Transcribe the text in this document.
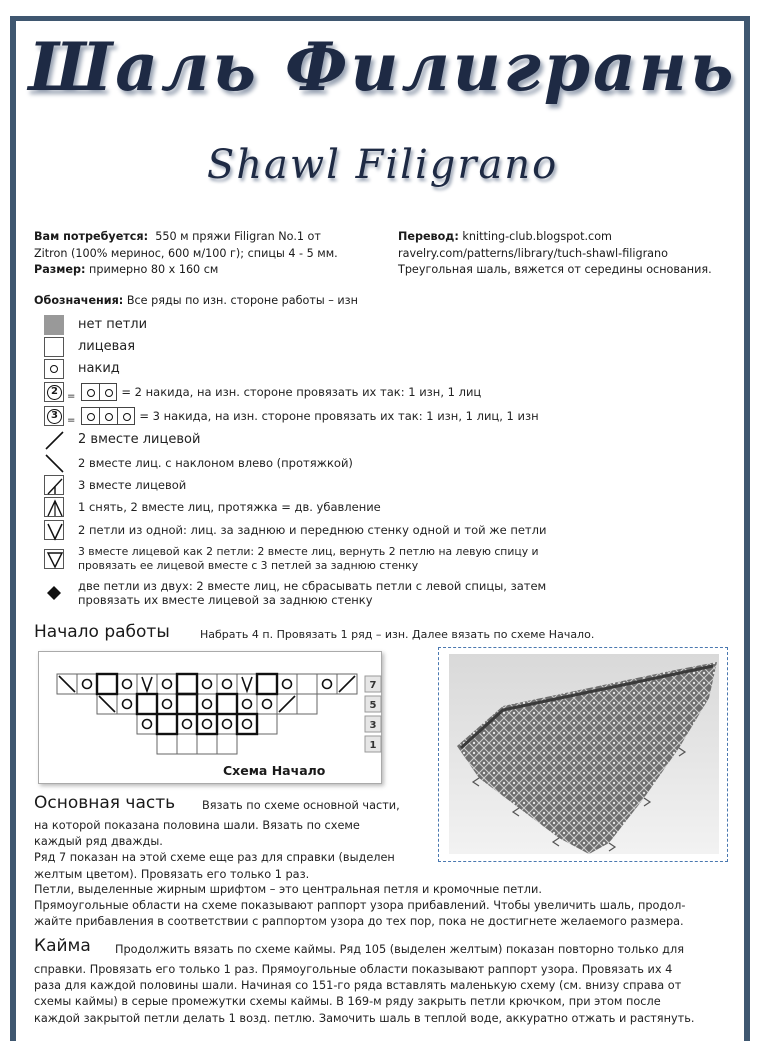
Шаль Филигрань
Shawl Filigrano
Вам потребуется: 550 м пряжи Filigran No.1 от
Zitron (100% меринос, 600 м/100 г); спицы 4 - 5 мм.
Размер: примерно 80 x 160 см
Перевод: knitting-club.blogspot.com
ravelry.com/patterns/library/tuch-shawl-filigrano
Треугольная шаль, вяжется от середины основания.
Обозначения: Все ряды по изн. стороне работы – изн
нет петли
лицевая
накид
2 =	= 2 накида, на изн. стороне провязать их так: 1 изн, 1 лиц
3 =	= 3 накида, на изн. стороне провязать их так: 1 изн, 1 лиц, 1 изн
2 вместе лицевой
2 вместе лиц. с наклоном влево (протяжкой)
3 вместе лицевой
1 снять, 2 вместе лиц, протяжка = дв. убавление
2 петли из одной: лиц. за заднюю и переднюю стенку одной и той же петли
3 вместе лицевой как 2 петли: 2 вместе лиц, вернуть 2 петлю на левую спицу и
провязать ее лицевой вместе с 3 петлей за заднюю стенку
две петли из двух: 2 вместе лиц, не сбрасывать петли с левой спицы, затем
провязать их вместе лицевой за заднюю стенку
Начало работы	Набрать 4 п. Провязать 1 ряд – изн. Далее вязать по схеме Начало.
7
5
3
1
Схема Начало
Основная часть Вязать по схеме основной части,
на которой показана половина шали. Вязать по схеме
каждый ряд дважды.
Ряд 7 показан на этой схеме еще раз для справки (выделен
желтым цветом). Провязать его только 1 раз.
Петли, выделенные жирным шрифтом – это центральная петля и кромочные петли.
Прямоугольные области на схеме показывают раппорт узора прибавлений. Чтобы увеличить шаль, продол-
жайте прибавления в соответствии с раппортом узора до тех пор, пока не достигнете желаемого размера.
Кайма Продолжить вязать по схеме каймы. Ряд 105 (выделен желтым) показан повторно только для
справки. Провязать его только 1 раз. Прямоугольные области показывают раппорт узора. Провязать их 4
раза для каждой половины шали. Начиная со 151-го ряда вставлять маленькую схему (см. внизу справа от
схемы каймы) в серые промежутки схемы каймы. В 169-м ряду закрыть петли крючком, при этом после
каждой закрытой петли делать 1 возд. петлю. Замочить шаль в теплой воде, аккуратно отжать и растянуть.
